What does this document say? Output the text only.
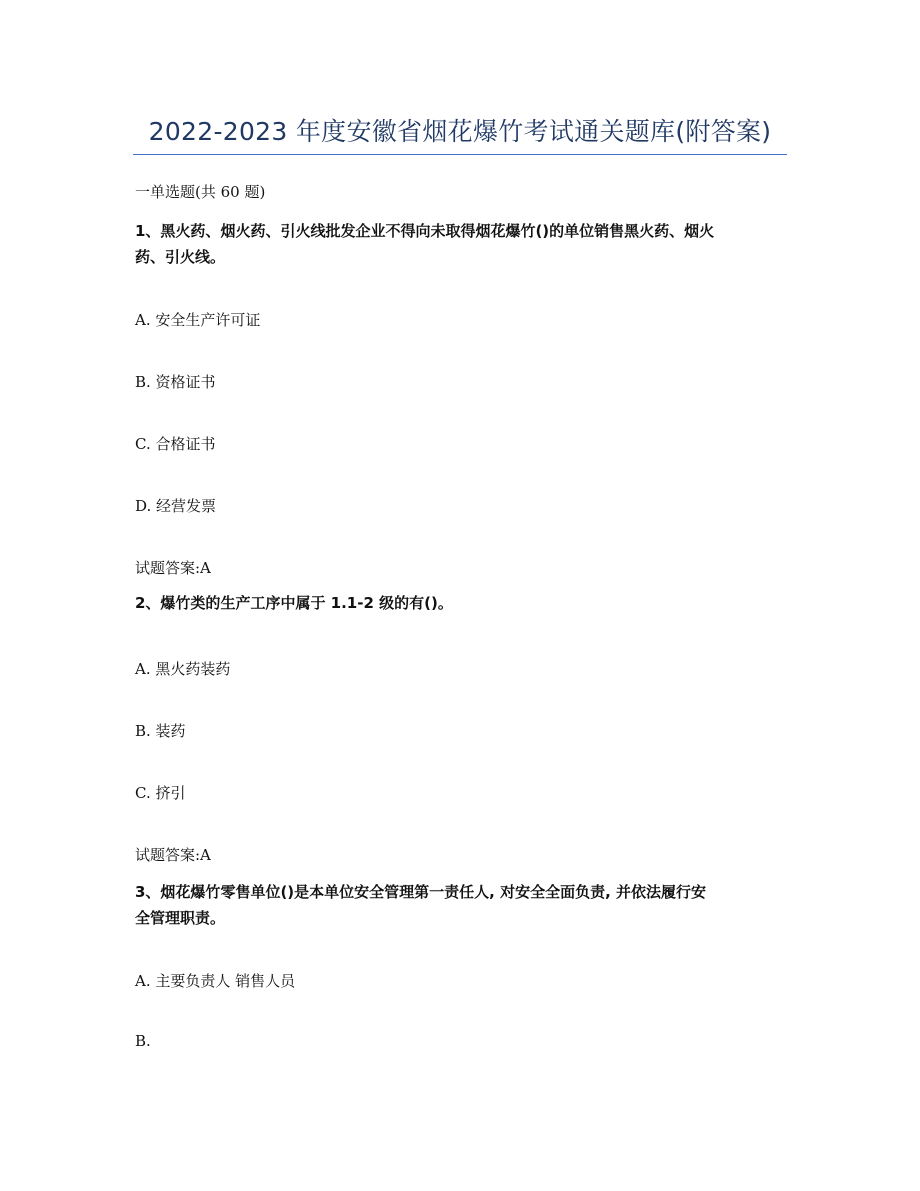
2022-2023 年度安徽省烟花爆竹考试通关题库(附答案)
一单选题(共 60 题)
1、黑火药、烟火药、引火线批发企业不得向未取得烟花爆竹()的单位销售黑火药、烟火
药、引火线。
A. 安全生产许可证
B. 资格证书
C. 合格证书
D. 经营发票
试题答案:A
2、爆竹类的生产工序中属于 1.1-2 级的有()。
A. 黑火药装药
B. 装药
C. 挤引
试题答案:A
3、烟花爆竹零售单位()是本单位安全管理第一责任人, 对安全全面负责, 并依法履行安
全管理职责。
A. 主要负责人 销售人员
B.
